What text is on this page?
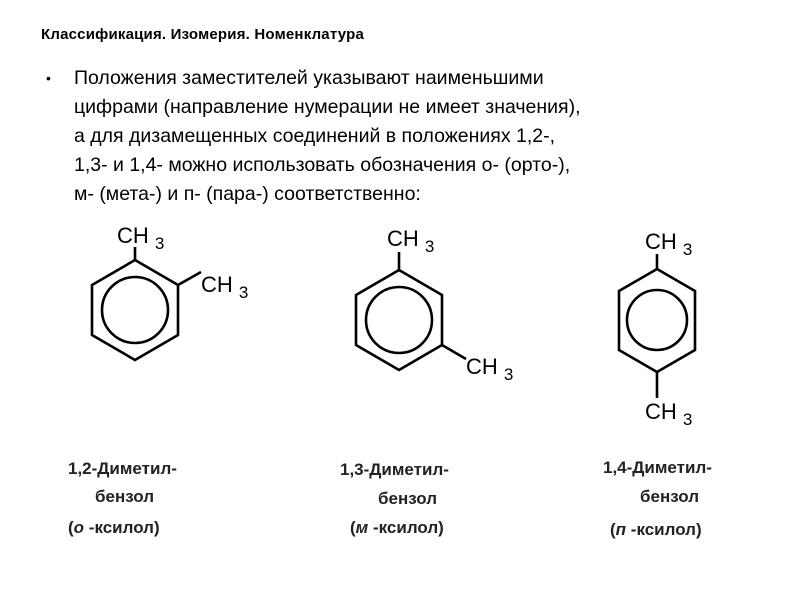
Классификация. Изомерия. Номенклатура
• Положения заместителей указывают наименьшими
цифрами (направление нумерации не имеет значения),
а для дизамещенных соединений в положениях 1,2-,
1,3- и 1,4- можно использовать обозначения о- (орто-),
м- (мета-) и п- (пара-) соответственно:
CH $_3$
CH $_3$
CH $_3$
CH $_3$
CH $_3$
CH $_3$
1,2-Диметил-
бензол
(о -ксилол)
1,3-Диметил-
бензол
(м -ксилол)
1,4-Диметил-
бензол
(п -ксилол)
